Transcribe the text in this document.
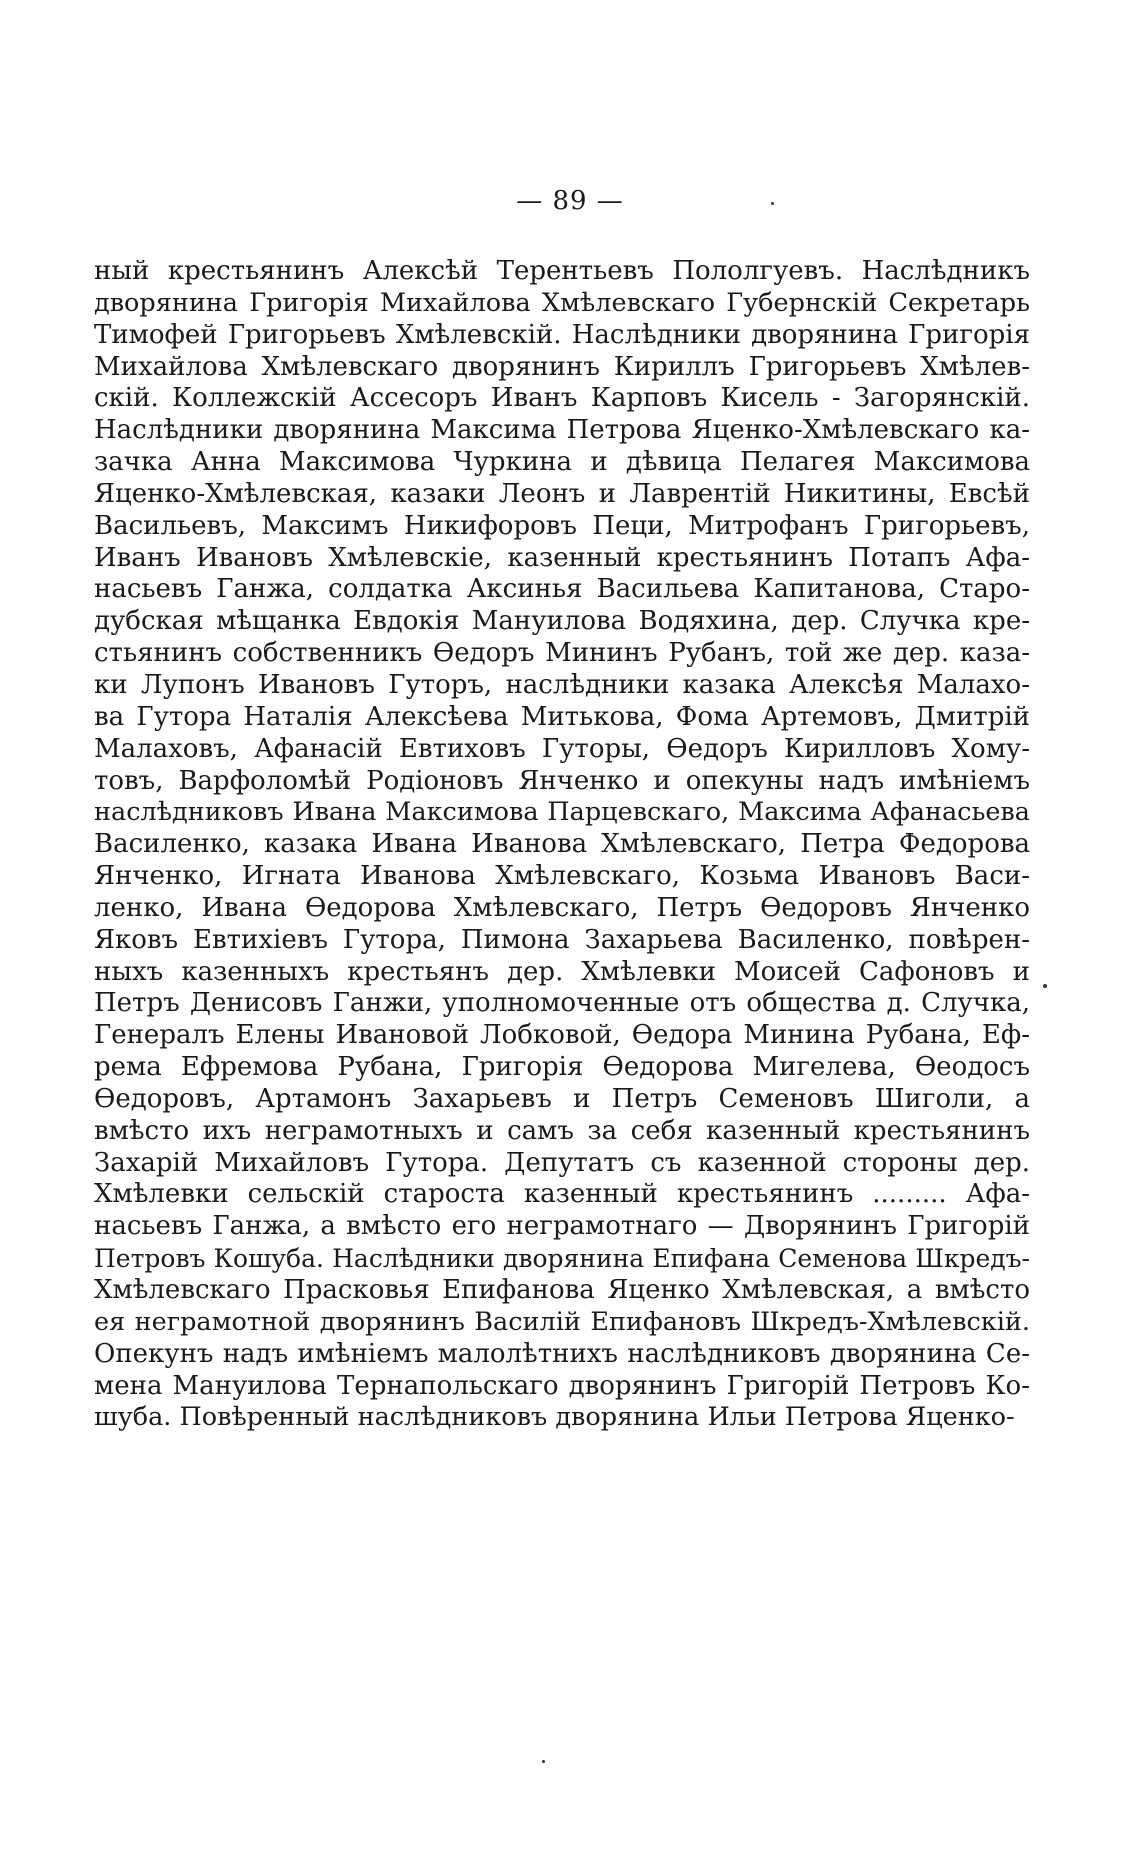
— 89 —
ный крестьянинъ Алексѣй Терентьевъ Пололгуевъ. Наслѣдникъ
дворянина Григорія Михайлова Хмѣлевскаго Губернскій Секретарь
Тимофей Григорьевъ Хмѣлевскій. Наслѣдники дворянина Григорія
Михайлова Хмѣлевскаго дворянинъ Кириллъ Григорьевъ Хмѣлев-
скій. Коллежскій Ассесоръ Иванъ Карповъ Кисель - Загорянскій.
Наслѣдники дворянина Максима Петрова Яценко-Хмѣлевскаго ка-
зачка Анна Максимова Чуркина и дѣвица Пелагея Максимова
Яценко-Хмѣлевская, казаки Леонъ и Лаврентій Никитины, Евсѣй
Васильевъ, Максимъ Никифоровъ Пеци, Митрофанъ Григорьевъ,
Иванъ Ивановъ Хмѣлевскіе, казенный крестьянинъ Потапъ Афа-
насьевъ Ганжа, солдатка Аксинья Васильева Капитанова, Старо-
дубская мѣщанка Евдокія Мануилова Водяхина, дер. Случка кре-
стьянинъ собственникъ Ѳедоръ Мининъ Рубанъ, той же дер. каза-
ки Лупонъ Ивановъ Гуторъ, наслѣдники казака Алексѣя Малахо-
ва Гутора Наталія Алексѣева Митькова, Фома Артемовъ, Дмитрій
Малаховъ, Афанасій Евтиховъ Гуторы, Ѳедоръ Кирилловъ Хому-
товъ, Варфоломѣй Родіоновъ Янченко и опекуны надъ имѣніемъ
наслѣдниковъ Ивана Максимова Парцевскаго, Максима Афанасьева
Василенко, казака Ивана Иванова Хмѣлевскаго, Петра Федорова
Янченко, Игната Иванова Хмѣлевскаго, Козьма Ивановъ Васи-
ленко, Ивана Ѳедорова Хмѣлевскаго, Петръ Ѳедоровъ Янченко
Яковъ Евтихіевъ Гутора, Пимона Захарьева Василенко, повѣрен-
ныхъ казенныхъ крестьянъ дер. Хмѣлевки Моисей Сафоновъ и
Петръ Денисовъ Ганжи, уполномоченные отъ общества д. Случка,
Генералъ Елены Ивановой Лобковой, Ѳедора Минина Рубана, Еф-
рема Ефремова Рубана, Григорія Ѳедорова Мигелева, Ѳеодосъ
Ѳедоровъ, Артамонъ Захарьевъ и Петръ Семеновъ Шиголи, а
вмѣсто ихъ неграмотныхъ и самъ за себя казенный крестьянинъ
Захарій Михайловъ Гутора. Депутатъ съ казенной стороны дер.
Хмѣлевки сельскій староста казенный крестьянинъ ......... Афа-
насьевъ Ганжа, а вмѣсто его неграмотнаго — Дворянинъ Григорій
Петровъ Кошуба. Наслѣдники дворянина Епифана Семенова Шкредъ-
Хмѣлевскаго Прасковья Епифанова Яценко Хмѣлевская, а вмѣсто
ея неграмотной дворянинъ Василій Епифановъ Шкредъ-Хмѣлевскій.
Опекунъ надъ имѣніемъ малолѣтнихъ наслѣдниковъ дворянина Се-
мена Мануилова Тернапольскаго дворянинъ Григорій Петровъ Ко-
шуба. Повѣренный наслѣдниковъ дворянина Ильи Петрова Яценко-
